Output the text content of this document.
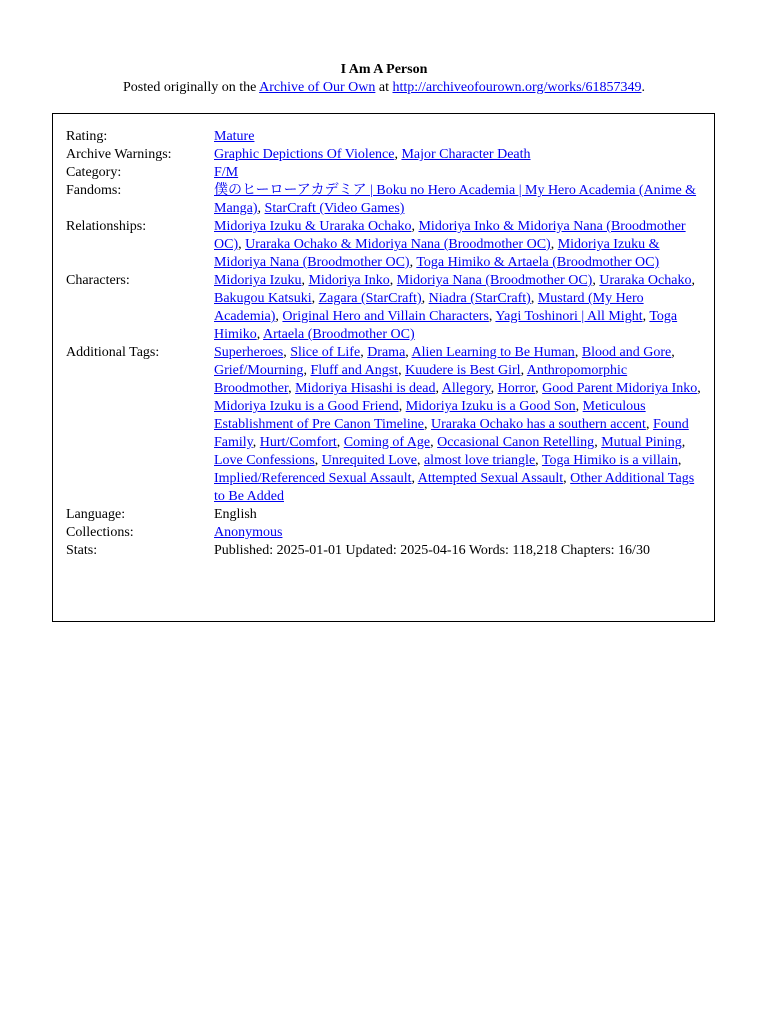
I Am A Person

Posted originally on the Archive of Our Own at http://archiveofourown.org/works/61857349.

Rating:	Mature
Archive Warnings:	Graphic Depictions Of Violence, Major Character Death
Category:	F/M
Fandoms:	僕のヒーローアカデミア | Boku no Hero Academia | My Hero Academia (Anime & Manga), StarCraft (Video Games)
Relationships:	Midoriya Izuku & Uraraka Ochako, Midoriya Inko & Midoriya Nana (Broodmother OC), Uraraka Ochako & Midoriya Nana (Broodmother OC), Midoriya Izuku & Midoriya Nana (Broodmother OC), Toga Himiko & Artaela (Broodmother OC)
Characters:	Midoriya Izuku, Midoriya Inko, Midoriya Nana (Broodmother OC), Uraraka Ochako, Bakugou Katsuki, Zagara (StarCraft), Niadra (StarCraft), Mustard (My Hero Academia), Original Hero and Villain Characters, Yagi Toshinori | All Might, Toga Himiko, Artaela (Broodmother OC)
Additional Tags:	Superheroes, Slice of Life, Drama, Alien Learning to Be Human, Blood and Gore, Grief/Mourning, Fluff and Angst, Kuudere is Best Girl, Anthropomorphic Broodmother, Midoriya Hisashi is dead, Allegory, Horror, Good Parent Midoriya Inko, Midoriya Izuku is a Good Friend, Midoriya Izuku is a Good Son, Meticulous Establishment of Pre Canon Timeline, Uraraka Ochako has a southern accent, Found Family, Hurt/Comfort, Coming of Age, Occasional Canon Retelling, Mutual Pining, Love Confessions, Unrequited Love, almost love triangle, Toga Himiko is a villain, Implied/Referenced Sexual Assault, Attempted Sexual Assault, Other Additional Tags to Be Added
Language:	English
Collections:	Anonymous
Stats:	Published: 2025-01-01 Updated: 2025-04-16 Words: 118,218 Chapters: 16/30
